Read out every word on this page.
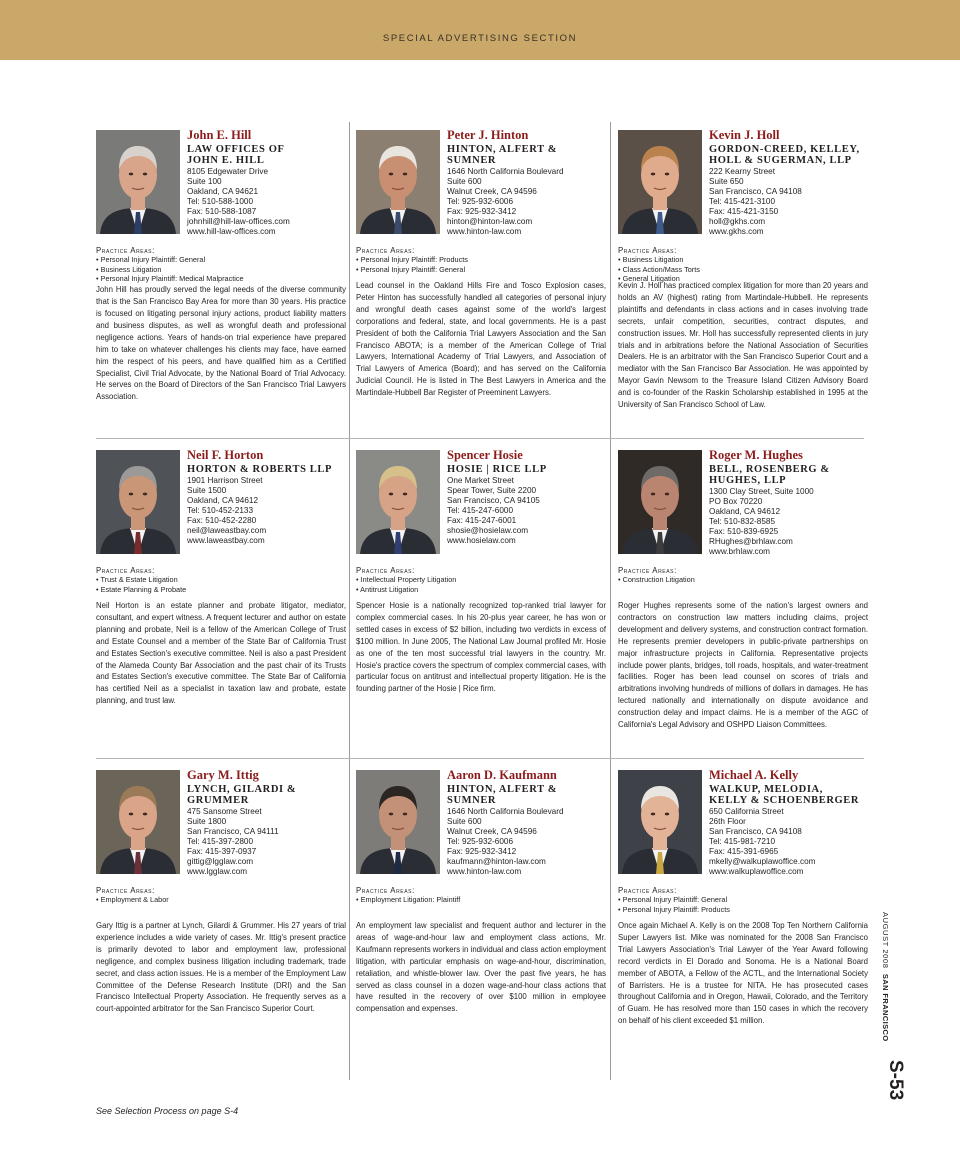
SPECIAL ADVERTISING SECTION
John E. Hill
LAW OFFICES OF
JOHN E. HILL
8105 Edgewater Drive
Suite 100
Oakland, CA 94621
Tel: 510-588-1000
Fax: 510-588-1087
johnhill@hill-law-offices.com
www.hill-law-offices.com
Practice Areas:
• Personal Injury Plaintiff: General
• Business Litigation
• Personal Injury Plaintiff: Medical Malpractice
John Hill has proudly served the legal needs of the diverse community that is the San Francisco Bay Area for more than 30 years. His practice is focused on litigating personal injury actions, product liability matters and business disputes, as well as wrongful death and professional negligence actions. Years of hands-on trial experience have prepared him to take on whatever challenges his clients may face, have earned him the respect of his peers, and have qualified him as a Certified Specialist, Civil Trial Advocate, by the National Board of Trial Advocacy. He serves on the Board of Directors of the San Francisco Trial Lawyers Association.
Peter J. Hinton
HINTON, ALFERT &
SUMNER
1646 North California Boulevard
Suite 600
Walnut Creek, CA 94596
Tel: 925-932-6006
Fax: 925-932-3412
hinton@hinton-law.com
www.hinton-law.com
Practice Areas:
• Personal Injury Plaintiff: Products
• Personal Injury Plaintiff: General
Lead counsel in the Oakland Hills Fire and Tosco Explosion cases, Peter Hinton has successfully handled all categories of personal injury and wrongful death cases against some of the world's largest corporations and federal, state, and local governments. He is a past President of both the California Trial Lawyers Association and the San Francisco ABOTA; is a member of the American College of Trial Lawyers, International Academy of Trial Lawyers, and Association of Trial Lawyers of America (Board); and has served on the California Judicial Council. He is listed in The Best Lawyers in America and the Martindale-Hubbell Bar Register of Preeminent Lawyers.
Kevin J. Holl
GORDON-CREED, KELLEY,
HOLL & SUGERMAN, LLP
222 Kearny Street
Suite 650
San Francisco, CA 94108
Tel: 415-421-3100
Fax: 415-421-3150
holl@gkhs.com
www.gkhs.com
Practice Areas:
• Business Litigation
• Class Action/Mass Torts
• General Litigation
Kevin J. Holl has practiced complex litigation for more than 20 years and holds an AV (highest) rating from Martindale-Hubbell. He represents plaintiffs and defendants in class actions and in cases involving trade secrets, unfair competition, securities, contract disputes, and construction issues. Mr. Holl has successfully represented clients in jury trials and in arbitrations before the National Association of Securities Dealers. He is an arbitrator with the San Francisco Superior Court and a mediator with the San Francisco Bar Association. He was appointed by Mayor Gavin Newsom to the Treasure Island Citizen Advisory Board and is co-founder of the Raskin Scholarship established in 1995 at the University of San Francisco School of Law.
Neil F. Horton
HORTON & ROBERTS LLP
1901 Harrison Street
Suite 1500
Oakland, CA 94612
Tel: 510-452-2133
Fax: 510-452-2280
neil@laweastbay.com
www.laweastbay.com
Practice Areas:
• Trust & Estate Litigation
• Estate Planning & Probate
Neil Horton is an estate planner and probate litigator, mediator, consultant, and expert witness. A frequent lecturer and author on estate planning and probate, Neil is a fellow of the American College of Trust and Estate Counsel and a member of the State Bar of California Trust and Estates Section's executive committee. Neil is also a past President of the Alameda County Bar Association and the past chair of its Trusts and Estates Section's executive committee. The State Bar of California has certified Neil as a specialist in taxation law and probate, estate planning, and trust law.
Spencer Hosie
HOSIE | RICE LLP
One Market Street
Spear Tower, Suite 2200
San Francisco, CA 94105
Tel: 415-247-6000
Fax: 415-247-6001
shosie@hosielaw.com
www.hosielaw.com
Practice Areas:
• Intellectual Property Litigation
• Antitrust Litigation
Spencer Hosie is a nationally recognized top-ranked trial lawyer for complex commercial cases. In his 20-plus year career, he has won or settled cases in excess of $2 billion, including two verdicts in excess of $100 million. In June 2005, The National Law Journal profiled Mr. Hosie as one of the ten most successful trial lawyers in the country. Mr. Hosie's practice covers the spectrum of complex commercial cases, with particular focus on antitrust and intellectual property litigation. He is the founding partner of the Hosie | Rice firm.
Roger M. Hughes
BELL, ROSENBERG &
HUGHES, LLP
1300 Clay Street, Suite 1000
PO Box 70220
Oakland, CA 94612
Tel: 510-832-8585
Fax: 510-839-6925
RHughes@brhlaw.com
www.brhlaw.com
Practice Areas:
• Construction Litigation
Roger Hughes represents some of the nation's largest owners and contractors on construction law matters including claims, project development and delivery systems, and construction contract formation. He represents premier developers in public-private partnerships on major infrastructure projects in California. Representative projects include power plants, bridges, toll roads, hospitals, and water-treatment facilities. Roger has been lead counsel on scores of trials and arbitrations involving hundreds of millions of dollars in damages. He has lectured nationally and internationally on dispute avoidance and construction delay and impact claims. He is a member of the AGC of California's Legal Advisory and OSHPD Liaison Committees.
Gary M. Ittig
LYNCH, GILARDI &
GRUMMER
475 Sansome Street
Suite 1800
San Francisco, CA 94111
Tel: 415-397-2800
Fax: 415-397-0937
gittig@lgglaw.com
www.lgglaw.com
Practice Areas:
• Employment & Labor
Gary Ittig is a partner at Lynch, Gilardi & Grummer. His 27 years of trial experience includes a wide variety of cases. Mr. Ittig's present practice is primarily devoted to labor and employment law, professional negligence, and complex business litigation including trademark, trade secret, and class action issues. He is a member of the Employment Law Committee of the Defense Research Institute (DRI) and the San Francisco Intellectual Property Association. He frequently serves as a court-appointed arbitrator for the San Francisco Superior Court.
Aaron D. Kaufmann
HINTON, ALFERT &
SUMNER
1646 North California Boulevard
Suite 600
Walnut Creek, CA 94596
Tel: 925-932-6006
Fax: 925-932-3412
kaufmann@hinton-law.com
www.hinton-law.com
Practice Areas:
• Employment Litigation: Plaintiff
An employment law specialist and frequent author and lecturer in the areas of wage-and-hour law and employment class actions, Mr. Kaufmann represents workers in individual and class action employment litigation, with particular emphasis on wage-and-hour, discrimination, retaliation, and whistle-blower law. Over the past five years, he has served as class counsel in a dozen wage-and-hour class actions that have resulted in the recovery of over $100 million in employee compensation and expenses.
Michael A. Kelly
WALKUP, MELODIA,
KELLY & SCHOENBERGER
650 California Street
26th Floor
San Francisco, CA 94108
Tel: 415-981-7210
Fax: 415-391-6965
mkelly@walkuplawoffice.com
www.walkuplawoffice.com
Practice Areas:
• Personal Injury Plaintiff: General
• Personal Injury Plaintiff: Products
Once again Michael A. Kelly is on the 2008 Top Ten Northern California Super Lawyers list. Mike was nominated for the 2008 San Francisco Trial Lawyers Association's Trial Lawyer of the Year Award following record verdicts in El Dorado and Sonoma. He is a National Board member of ABOTA, a Fellow of the ACTL, and the International Society of Barristers. He is a trustee for NITA. He has prosecuted cases throughout California and in Oregon, Hawaii, Colorado, and the Territory of Guam. He has resolved more than 150 cases in which the recovery on behalf of his client exceeded $1 million.
See Selection Process on page S-4
AUGUST 2008  SAN FRANCISCO
S-53
